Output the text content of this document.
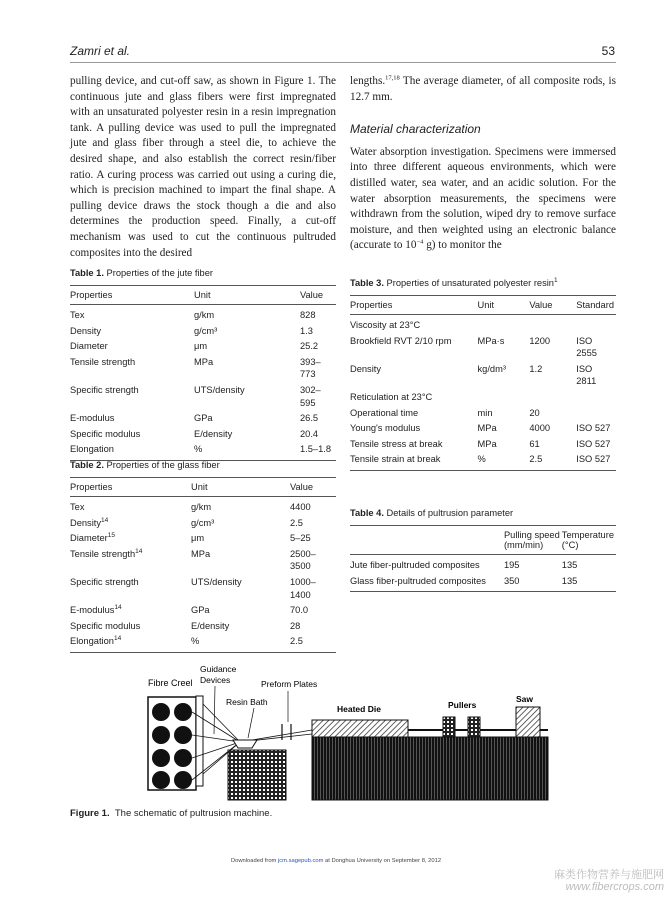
Zamri et al.	53

pulling device, and cut-off saw, as shown in Figure 1. The continuous jute and glass fibers were first impregnated with an unsaturated polyester resin in a resin impregnation tank. A pulling device was used to pull the impregnated jute and glass fiber through a steel die, to achieve the desired shape, and also establish the correct resin/fiber ratio. A curing process was carried out using a curing die, which is precision machined to impart the final shape. A pulling device draws the stock though a die and also determines the production speed. Finally, a cut-off mechanism was used to cut the continuous pultruded composites into the desired

lengths.$^{17,18}$ The average diameter, of all composite rods, is 12.7 mm.

Material characterization

Water absorption investigation. Specimens were immersed into three different aqueous environments, which were distilled water, sea water, and an acidic solution. For the water absorption measurements, the specimens were withdrawn from the solution, wiped dry to remove surface moisture, and then weighted using an electronic balance (accurate to $10^{-4}$ g) to monitor the

Table 1. Properties of the jute fiber
Properties	Unit	Value
Tex	g/km	828
Density	g/cm³	1.3
Diameter	μm	25.2
Tensile strength	MPa	393–773
Specific strength	UTS/density	302–595
E-modulus	GPa	26.5
Specific modulus	E/density	20.4
Elongation	%	1.5–1.8
Table 2. Properties of the glass fiber
Properties	Unit	Value
Tex	g/km	4400
Density$^{14}$	g/cm³	2.5
Diameter$^{15}$	μm	5–25
Tensile strength$^{14}$	MPa	2500–3500
Specific strength	UTS/density	1000–1400
E-modulus$^{14}$	GPa	70.0
Specific modulus	E/density	28
Elongation$^{14}$	%	2.5
Table 3. Properties of unsaturated polyester resin$^1$
Properties	Unit	Value	Standard
Viscosity at 23°C			
Brookfield RVT 2/10 rpm	MPa·s	1200	ISO 2555
Density	kg/dm³	1.2	ISO 2811
Reticulation at 23°C			
Operational time	min	20	
Young's modulus	MPa	4000	ISO 527
Tensile stress at break	MPa	61	ISO 527
Tensile strain at break	%	2.5	ISO 527
Table 4. Details of pultrusion parameter
	Pulling speed (mm/min)	Temperature (°C)
Jute fiber-pultruded composites	195	135
Glass fiber-pultruded composites	350	135
Fibre Creel
Guidance
Devices
Resin Bath
Preform Plates
Heated Die	Pullers
Saw
Figure 1. The schematic of pultrusion machine.
Downloaded from jcm.sagepub.com at Donghua University on September 8, 2012
麻类作物营养与施肥网
www.fibercrops.com
